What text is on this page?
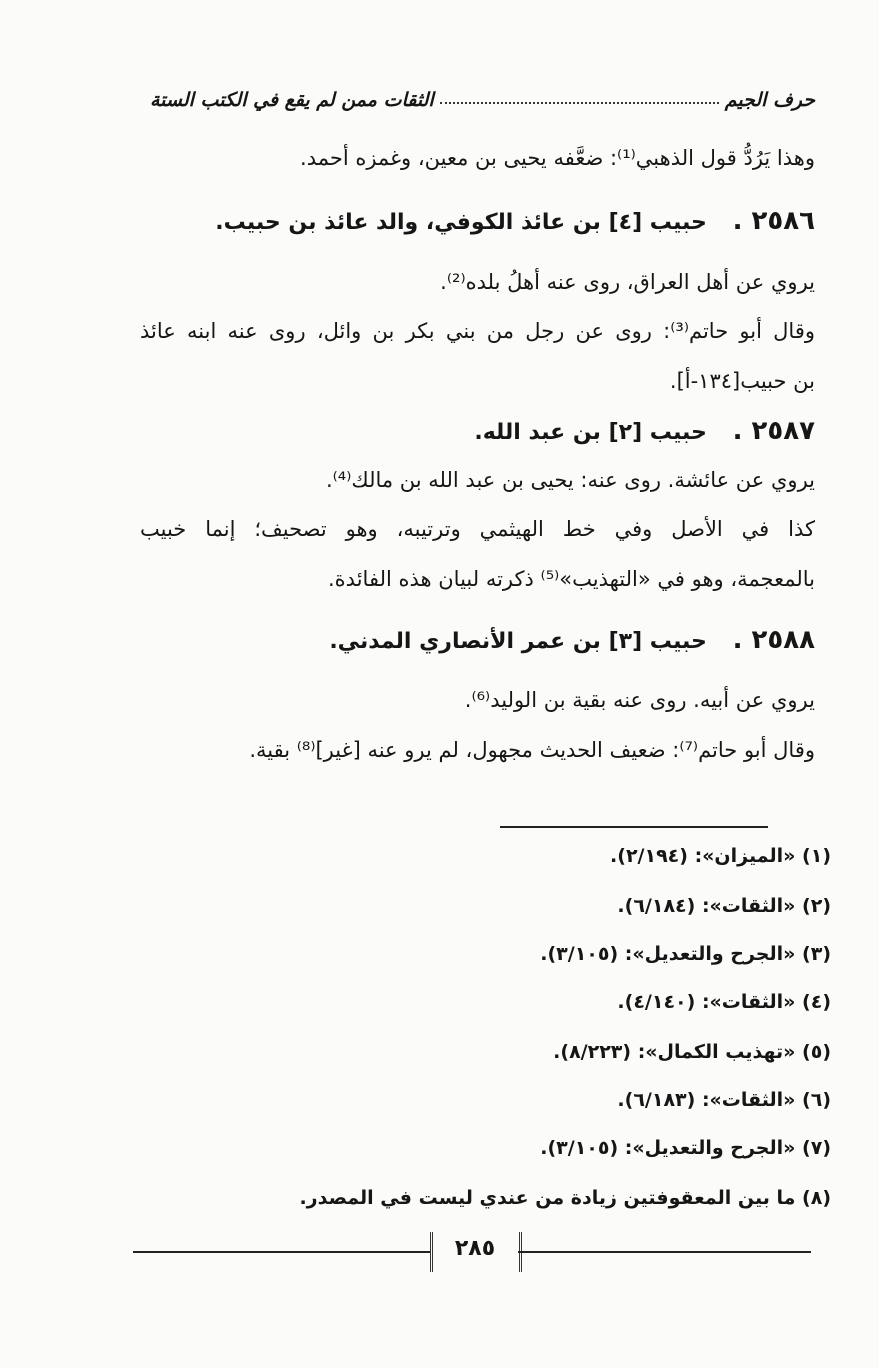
حرف الجيم
الثقات ممن لم يقع في الكتب الستة
وهذا يَرُدُّ قول الذهبي⁽¹⁾: ضعَّفه يحيى بن معين، وغمزه أحمد.
٢٥٨٦ . حبيب [٤] بن عائذ الكوفي، والد عائذ بن حبيب.
يروي عن أهل العراق، روى عنه أهلُ بلده⁽²⁾.
وقال أبو حاتم⁽³⁾: روى عن رجل من بني بكر بن وائل، روى عنه ابنه عائذ
بن حبيب[١٣٤-أ].
٢٥٨٧ . حبيب [٢] بن عبد الله.
يروي عن عائشة. روى عنه: يحيى بن عبد الله بن مالك⁽⁴⁾.
كذا في الأصل وفي خط الهيثمي وترتيبه، وهو تصحيف؛ إنما خبيب
بالمعجمة، وهو في «التهذيب»⁽⁵⁾ ذكرته لبيان هذه الفائدة.
٢٥٨٨ . حبيب [٣] بن عمر الأنصاري المدني.
يروي عن أبيه. روى عنه بقية بن الوليد⁽⁶⁾.
وقال أبو حاتم⁽⁷⁾: ضعيف الحديث مجهول، لم يرو عنه [غير]⁽⁸⁾ بقية.
(١) «الميزان»: (٢/١٩٤).
(٢) «الثقات»: (٦/١٨٤).
(٣) «الجرح والتعديل»: (٣/١٠٥).
(٤) «الثقات»: (٤/١٤٠).
(٥) «تهذيب الكمال»: (٨/٢٢٣).
(٦) «الثقات»: (٦/١٨٣).
(٧) «الجرح والتعديل»: (٣/١٠٥).
(٨) ما بين المعقوفتين زيادة من عندي ليست في المصدر.
٢٨٥
